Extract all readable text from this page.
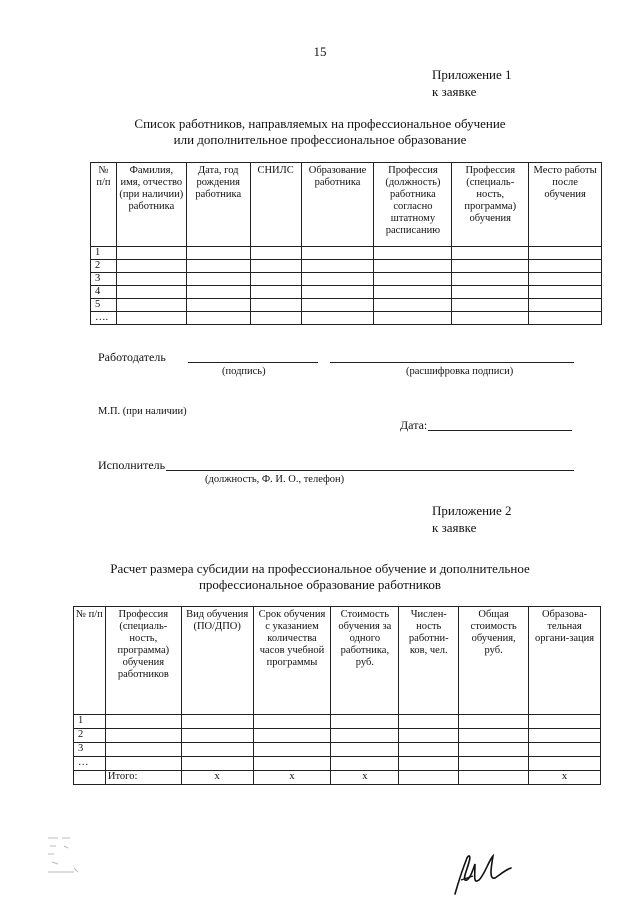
15
Приложение 1
к заявке
Список работников, направляемых на профессиональное обучение
или дополнительное профессиональное образование
№ п/п	Фамилия, имя, отчество (при наличии) работника	Дата, год рождения работника	СНИЛС	Образование работника	Профессия (должность) работника согласно штатному расписанию	Профессия (специаль-ность, программа) обучения	Место работы после обучения
1							
2							
3							
4							
5							
….							
Работодатель
(подпись)	(расшифровка подписи)
М.П. (при наличии)
Дата:
Исполнитель
(должность, Ф. И. О., телефон)
Приложение 2
к заявке
Расчет размера субсидии на профессиональное обучение и дополнительное
профессиональное образование работников
№ п/п	Профессия (специаль-ность, программа) обучения работников	Вид обучения (ПО/ДПО)	Срок обучения с указанием количества часов учебной программы	Стоимость обучения за одного работника, руб.	Числен-ность работни-ков, чел.	Общая стоимость обучения, руб.	Образова-тельная органи-зация
1							
2							
3							
…							
	Итого:	х	х	х			х
